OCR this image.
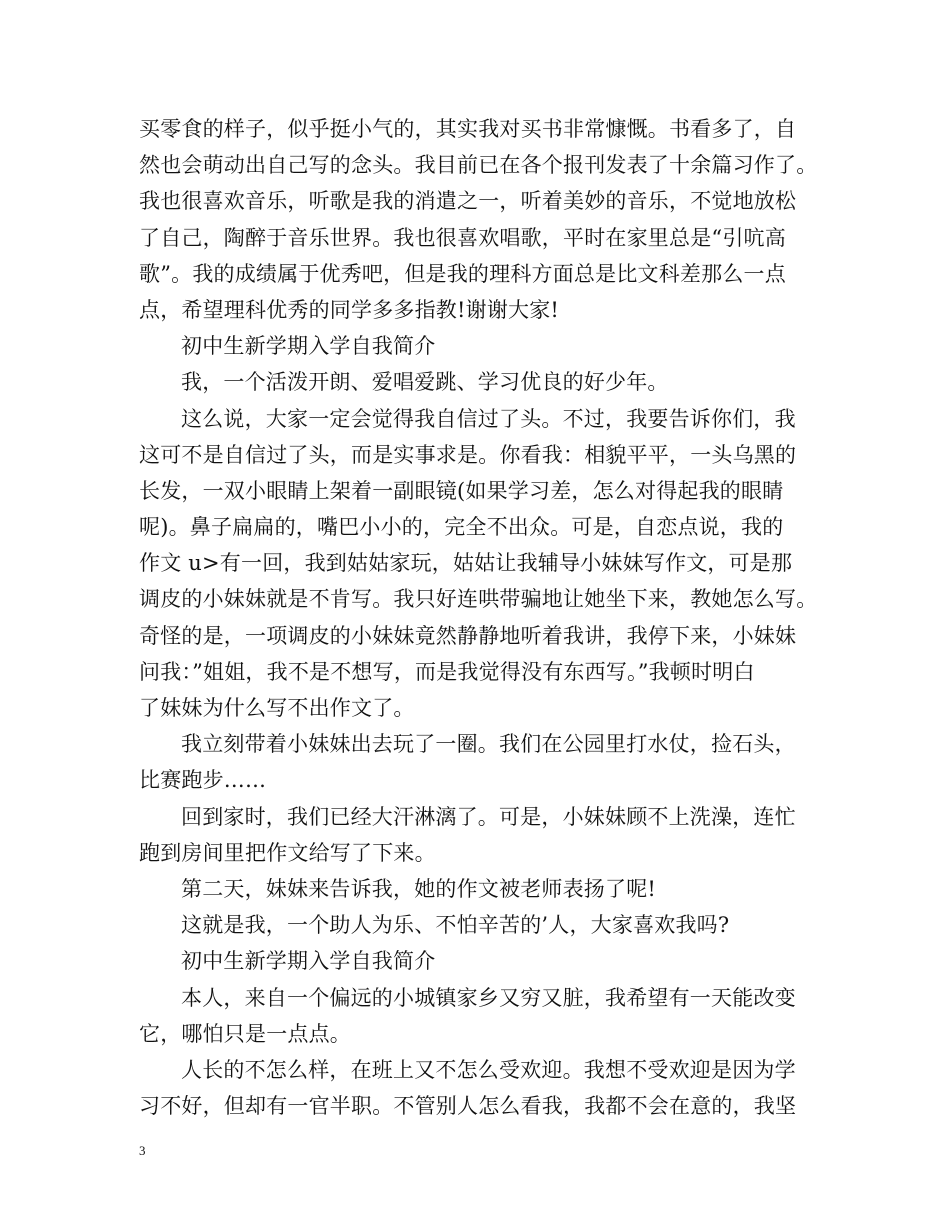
买零食的样子，似乎挺小气的，其实我对买书非常慷慨。书看多了，自
然也会萌动出自己写的念头。我目前已在各个报刊发表了十余篇习作了。
我也很喜欢音乐，听歌是我的消遣之一，听着美妙的音乐，不觉地放松
了自己，陶醉于音乐世界。我也很喜欢唱歌，平时在家里总是“引吭高
歌”。我的成绩属于优秀吧，但是我的理科方面总是比文科差那么一点
点，希望理科优秀的同学多多指教!谢谢大家!
初中生新学期入学自我简介
我，一个活泼开朗、爱唱爱跳、学习优良的好少年。
这么说，大家一定会觉得我自信过了头。不过，我要告诉你们，我
这可不是自信过了头，而是实事求是。你看我：相貌平平，一头乌黑的
长发，一双小眼睛上架着一副眼镜(如果学习差，怎么对得起我的眼睛
呢)。鼻子扁扁的，嘴巴小小的，完全不出众。可是，自恋点说，我的
作文 u>有一回，我到姑姑家玩，姑姑让我辅导小妹妹写作文，可是那
调皮的小妹妹就是不肯写。我只好连哄带骗地让她坐下来，教她怎么写。
奇怪的是，一项调皮的小妹妹竟然静静地听着我讲，我停下来，小妹妹
问我：”姐姐，我不是不想写，而是我觉得没有东西写。”我顿时明白
了妹妹为什么写不出作文了。
我立刻带着小妹妹出去玩了一圈。我们在公园里打水仗，捡石头，
比赛跑步……
回到家时，我们已经大汗淋漓了。可是，小妹妹顾不上洗澡，连忙
跑到房间里把作文给写了下来。
第二天，妹妹来告诉我，她的作文被老师表扬了呢!
这就是我，一个助人为乐、不怕辛苦的’人，大家喜欢我吗?
初中生新学期入学自我简介
本人，来自一个偏远的小城镇家乡又穷又脏，我希望有一天能改变
它，哪怕只是一点点。
人长的不怎么样，在班上又不怎么受欢迎。我想不受欢迎是因为学
习不好，但却有一官半职。不管别人怎么看我，我都不会在意的，我坚
3
